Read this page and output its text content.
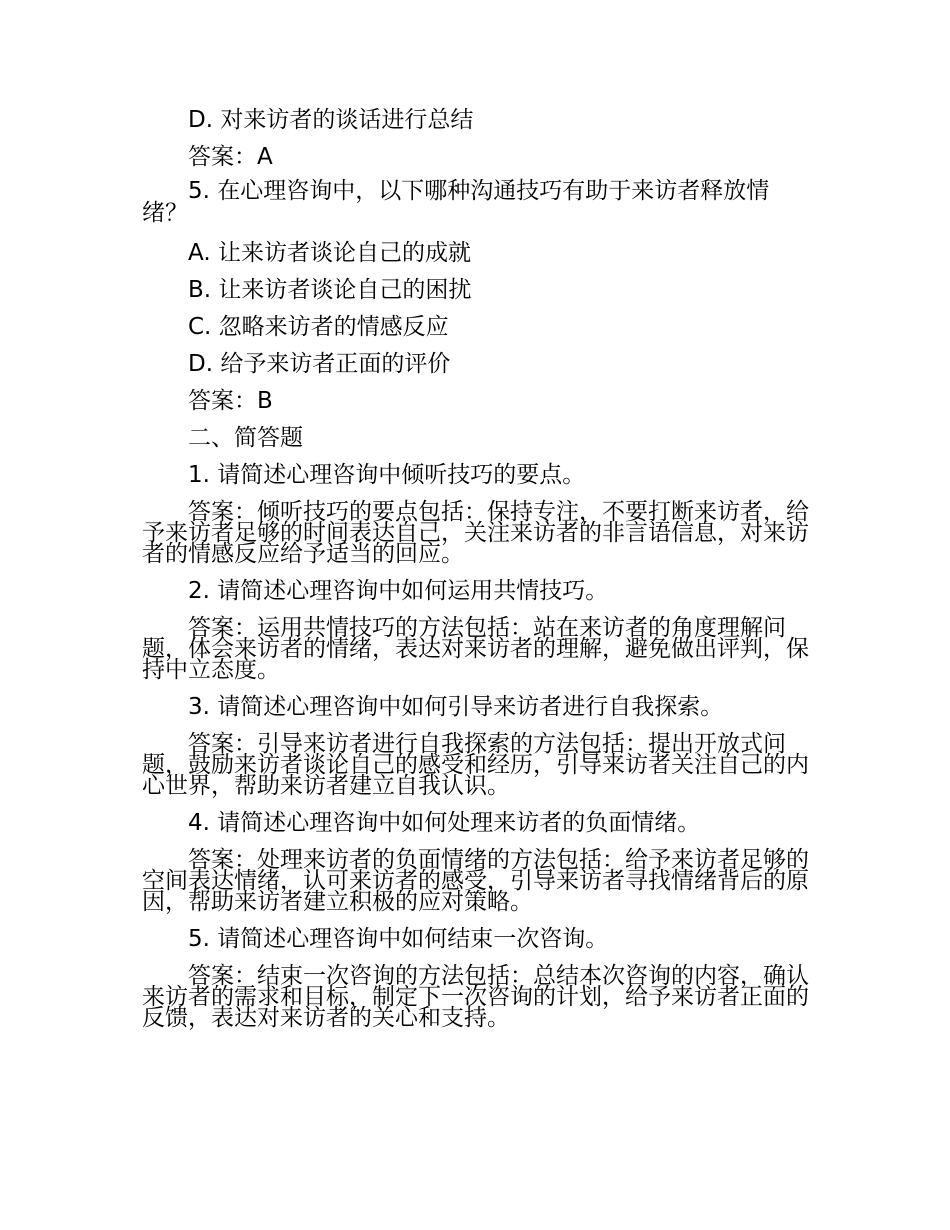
D. 对来访者的谈话进行总结
答案：A

5. 在心理咨询中，以下哪种沟通技巧有助于来访者释放情绪？

A. 让来访者谈论自己的成就
B. 让来访者谈论自己的困扰
C. 忽略来访者的情感反应
D. 给予来访者正面的评价
答案：B
二、简答题
1. 请简述心理咨询中倾听技巧的要点。

答案：倾听技巧的要点包括：保持专注，不要打断来访者，给予来访者足够的时间表达自己，关注来访者的非言语信息，对来访者的情感反应给予适当的回应。

2. 请简述心理咨询中如何运用共情技巧。

答案：运用共情技巧的方法包括：站在来访者的角度理解问题，体会来访者的情绪，表达对来访者的理解，避免做出评判，保持中立态度。

3. 请简述心理咨询中如何引导来访者进行自我探索。

答案：引导来访者进行自我探索的方法包括：提出开放式问题，鼓励来访者谈论自己的感受和经历，引导来访者关注自己的内心世界，帮助来访者建立自我认识。

4. 请简述心理咨询中如何处理来访者的负面情绪。

答案：处理来访者的负面情绪的方法包括：给予来访者足够的空间表达情绪，认可来访者的感受，引导来访者寻找情绪背后的原因，帮助来访者建立积极的应对策略。

5. 请简述心理咨询中如何结束一次咨询。

答案：结束一次咨询的方法包括：总结本次咨询的内容，确认来访者的需求和目标，制定下一次咨询的计划，给予来访者正面的反馈，表达对来访者的关心和支持。
